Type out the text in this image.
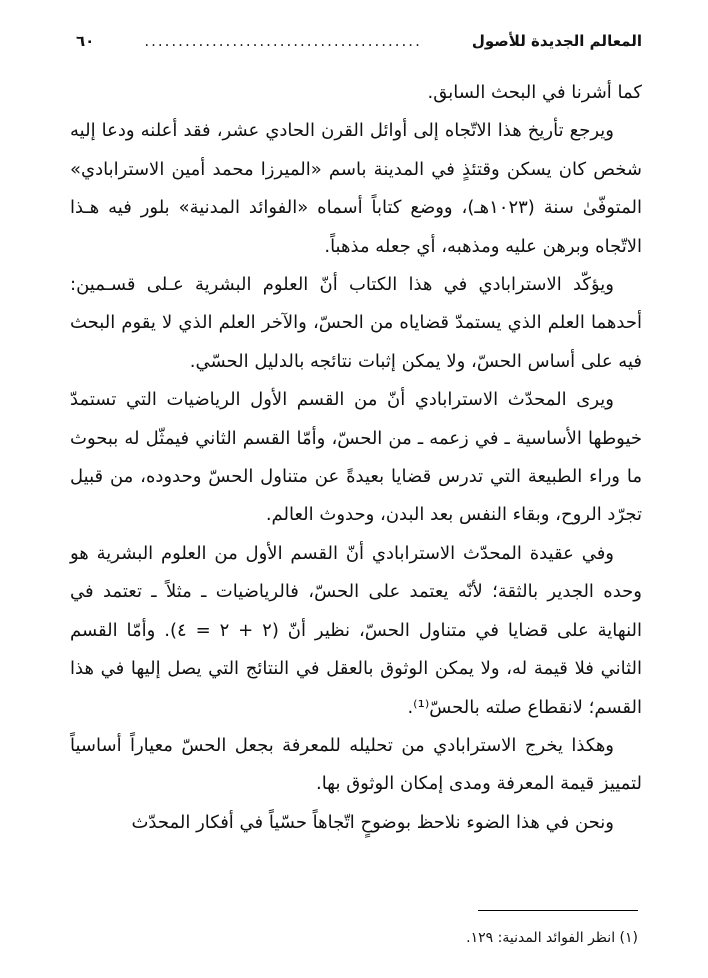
المعالم الجديدة للأصول
.........................................
٦٠

كما أشرنا في البحث السابق.

ويرجع تأريخ هذا الاتّجاه إلى أوائل القرن الحادي عشر، فقد أعلنه ودعا إليه شخص كان يسكن وقتئذٍ في المدينة باسم «الميرزا محمد أمين الاسترابادي» المتوفّىٰ سنة (١٠٢٣هـ)، ووضع كتاباً أسماه «الفوائد المدنية» بلور فيه هـذا الاتّجاه وبرهن عليه ومذهبه، أي جعله مذهباً.

ويؤكّد الاسترابادي في هذا الكتاب أنّ العلوم البشرية عـلى قسـمين: أحدهما العلم الذي يستمدّ قضاياه من الحسّ، والآخر العلم الذي لا يقوم البحث فيه على أساس الحسّ، ولا يمكن إثبات نتائجه بالدليل الحسّي.

ويرى المحدّث الاسترابادي أنّ من القسم الأول الرياضيات التي تستمدّ خيوطها الأساسية ـ في زعمه ـ من الحسّ، وأمّا القسم الثاني فيمثّل له ببحوث ما وراء الطبيعة التي تدرس قضايا بعيدةً عن متناول الحسّ وحدوده، من قبيل تجرّد الروح، وبقاء النفس بعد البدن، وحدوث العالم.

وفي عقيدة المحدّث الاسترابادي أنّ القسم الأول من العلوم البشرية هو وحده الجدير بالثقة؛ لأنّه يعتمد على الحسّ، فالرياضيات ـ مثلاً ـ تعتمد في النهاية على قضايا في متناول الحسّ، نظير أنّ (٢ + ٢ = ٤). وأمّا القسم الثاني فلا قيمة له، ولا يمكن الوثوق بالعقل في النتائج التي يصل إليها في هذا القسم؛ لانقطاع صلته بالحسّ⁽¹⁾.

وهكذا يخرج الاسترابادي من تحليله للمعرفة بجعل الحسّ معياراً أساسياً لتمييز قيمة المعرفة ومدى إمكان الوثوق بها.

ونحن في هذا الضوء نلاحظ بوضوحٍ اتّجاهاً حسّياً في أفكار المحدّث

(١) انظر الفوائد المدنية: ١٢٩.
